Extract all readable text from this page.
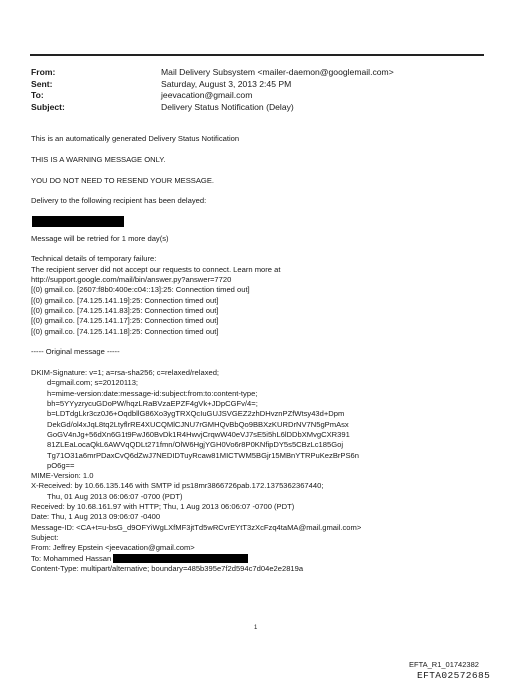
From:	Mail Delivery Subsystem <mailer-daemon@googlemail.com>
Sent:	Saturday, August 3, 2013 2:45 PM
To:	jeevacation@gmail.com
Subject:	Delivery Status Notification (Delay)

This is an automatically generated Delivery Status Notification

THIS IS A WARNING MESSAGE ONLY.

YOU DO NOT NEED TO RESEND YOUR MESSAGE.

Delivery to the following recipient has been delayed:

Message will be retried for 1 more day(s)

Technical details of temporary failure:

The recipient server did not accept our requests to connect. Learn more at

http://support.google.com/mail/bin/answer.py?answer=7720

[(0) gmail.co. [2607:f8b0:400e:c04::13]:25: Connection timed out]

[(0) gmail.co. [74.125.141.19]:25: Connection timed out]

[(0) gmail.co. [74.125.141.83]:25: Connection timed out]

[(0) gmail.co. [74.125.141.17]:25: Connection timed out]

[(0) gmail.co. [74.125.141.18]:25: Connection timed out]

----- Original message -----

DKIM-Signature: v=1; a=rsa-sha256; c=relaxed/relaxed;

d=gmail.com; s=20120113;

h=mime-version:date:message-id:subject:from:to:content-type;

bh=5YYyzrycuGDoPW/hqzLRaBVzaEPZF4gVk+JDpCGFv/4=;

b=LDTdgLkr3cz0J6+OqdbllG86Xo3ygTRXQcIuGUJSVGEZ2zhDHvznPZfWtsy43d+Dpm

DekGd/ol4xJqL8tq2LtyflrRE4XUCQMlCJNU7rGMHQvBbQo9BBXzKURDrNV7N5gPmAsx

GoGV4nJg+56dXn6G1t9FwJ60BvDk1R4HwvjCrqwW40eVJ7sE5i5hL6lDDbXMvgCXR391

81ZLEaLocaQkL6AWVqQDLt271fmn/OlW6HgjYGH0Vo6r8P0KNfipDY5s5CBzLc185Goj

Tg71O31a6mrPDaxCvQ6dZwJ7NEDIDTuyRcaw81MICTWM5BGjr15MBnYTRPuKezBrPS6n

pO6g==

MIME-Version: 1.0

X-Received: by 10.66.135.146 with SMTP id ps18mr3866726pab.172.1375362367440;

Thu, 01 Aug 2013 06:06:07 -0700 (PDT)

Received: by 10.68.161.97 with HTTP; Thu, 1 Aug 2013 06:06:07 -0700 (PDT)

Date: Thu, 1 Aug 2013 09:06:07 -0400

Message-ID: <CA+t=u-bsG_d9OFYiWgLXfMF3jtTd5wRCvrEYtT3zXcFzq4taMA@mail.gmail.com>

Subject:

From: Jeffrey Epstein <jeevacation@gmail.com>

To: Mohammed Hassan

Content-Type: multipart/alternative; boundary=485b395e7f2d594c7d04e2e2819a

1
EFTA_R1_01742382
EFTA02572685
